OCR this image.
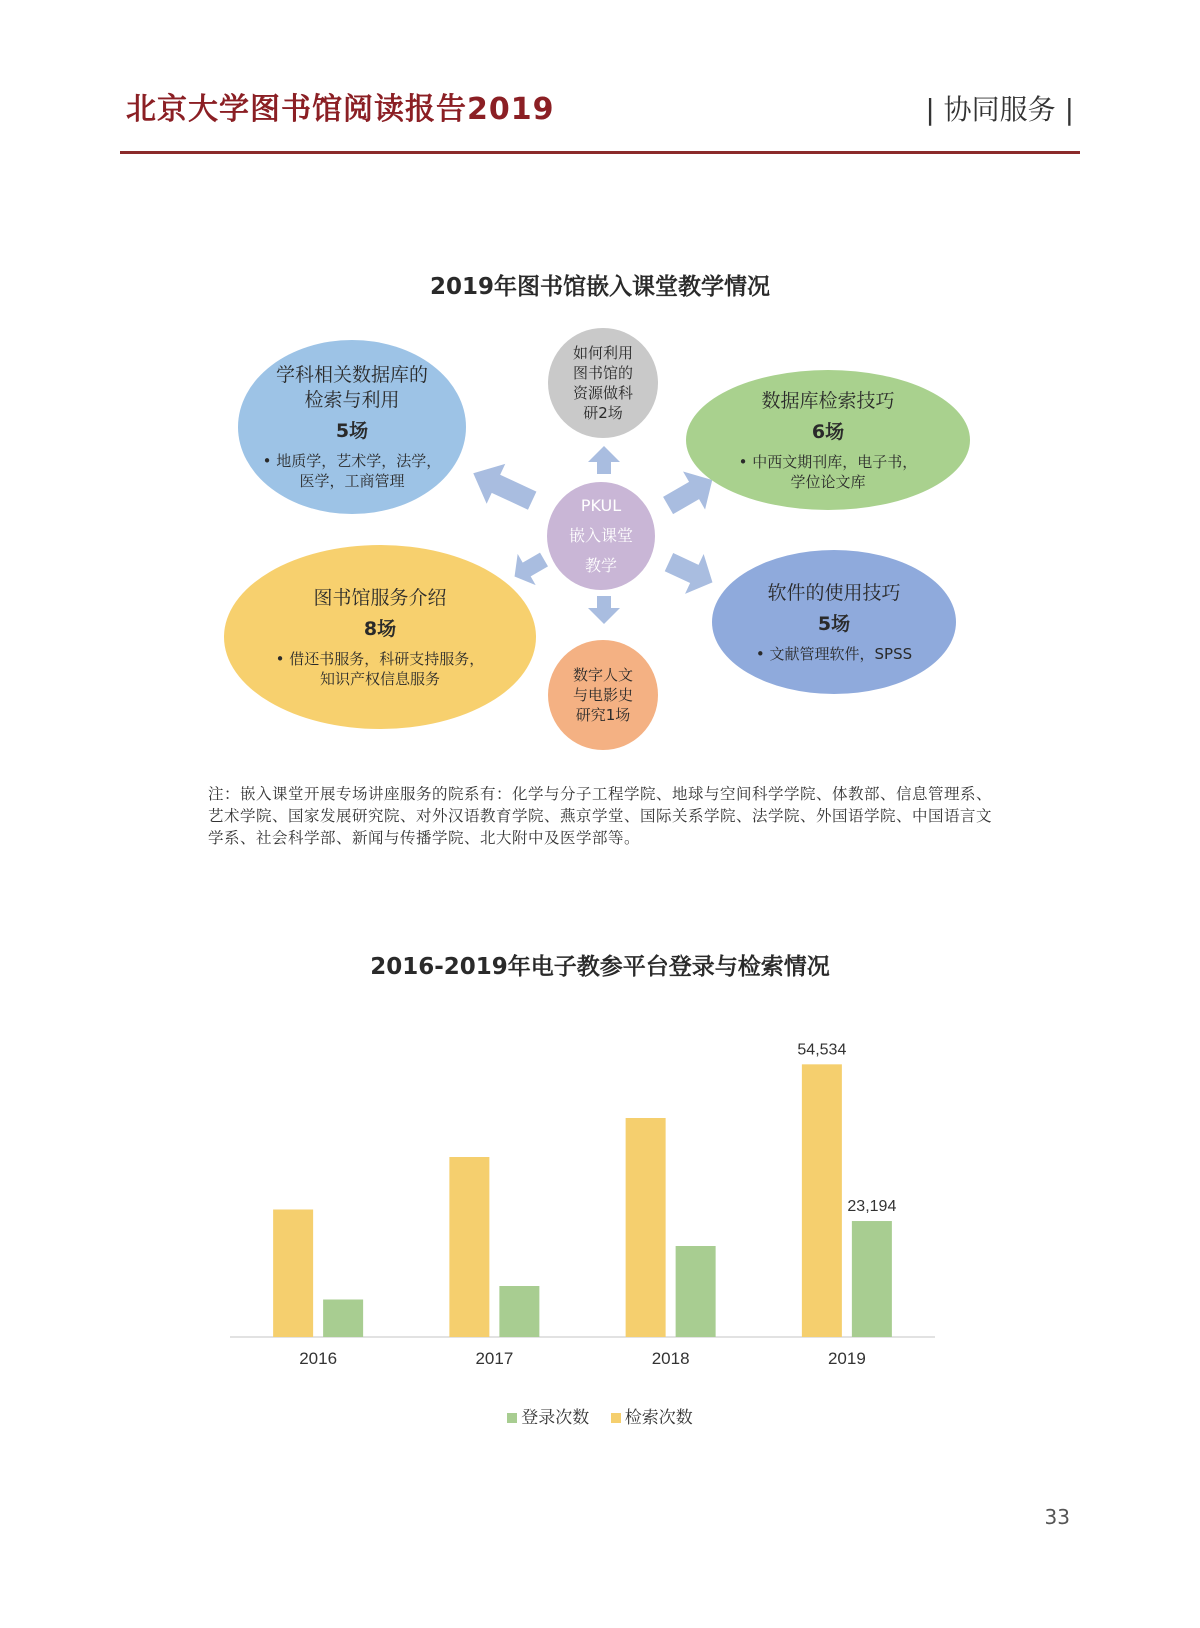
北京大学图书馆阅读报告2019	| 协同服务 |
2019年图书馆嵌入课堂教学情况
PKUL
嵌入课堂
教学
如何利用
图书馆的
资源做科
研2场
数字人文
与电影史
研究1场
学科相关数据库的
检索与利用
5场
• 地质学，艺术学，法学，
医学，工商管理
数据库检索技巧
6场
• 中西文期刊库，电子书，
学位论文库
图书馆服务介绍
8场
• 借还书服务，科研支持服务，
知识产权信息服务
软件的使用技巧
5场
• 文献管理软件，SPSS
注：嵌入课堂开展专场讲座服务的院系有：化学与分子工程学院、地球与空间科学学院、体教部、信息管理系、艺术学院、国家发展研究院、对外汉语教育学院、燕京学堂、国际关系学院、法学院、外国语学院、中国语言文学系、社会科学部、新闻与传播学院、北大附中及医学部等。
2016-2019年电子教参平台登录与检索情况
2016	2017	2018
54,534
23,194
2019
登录次数 检索次数
33
